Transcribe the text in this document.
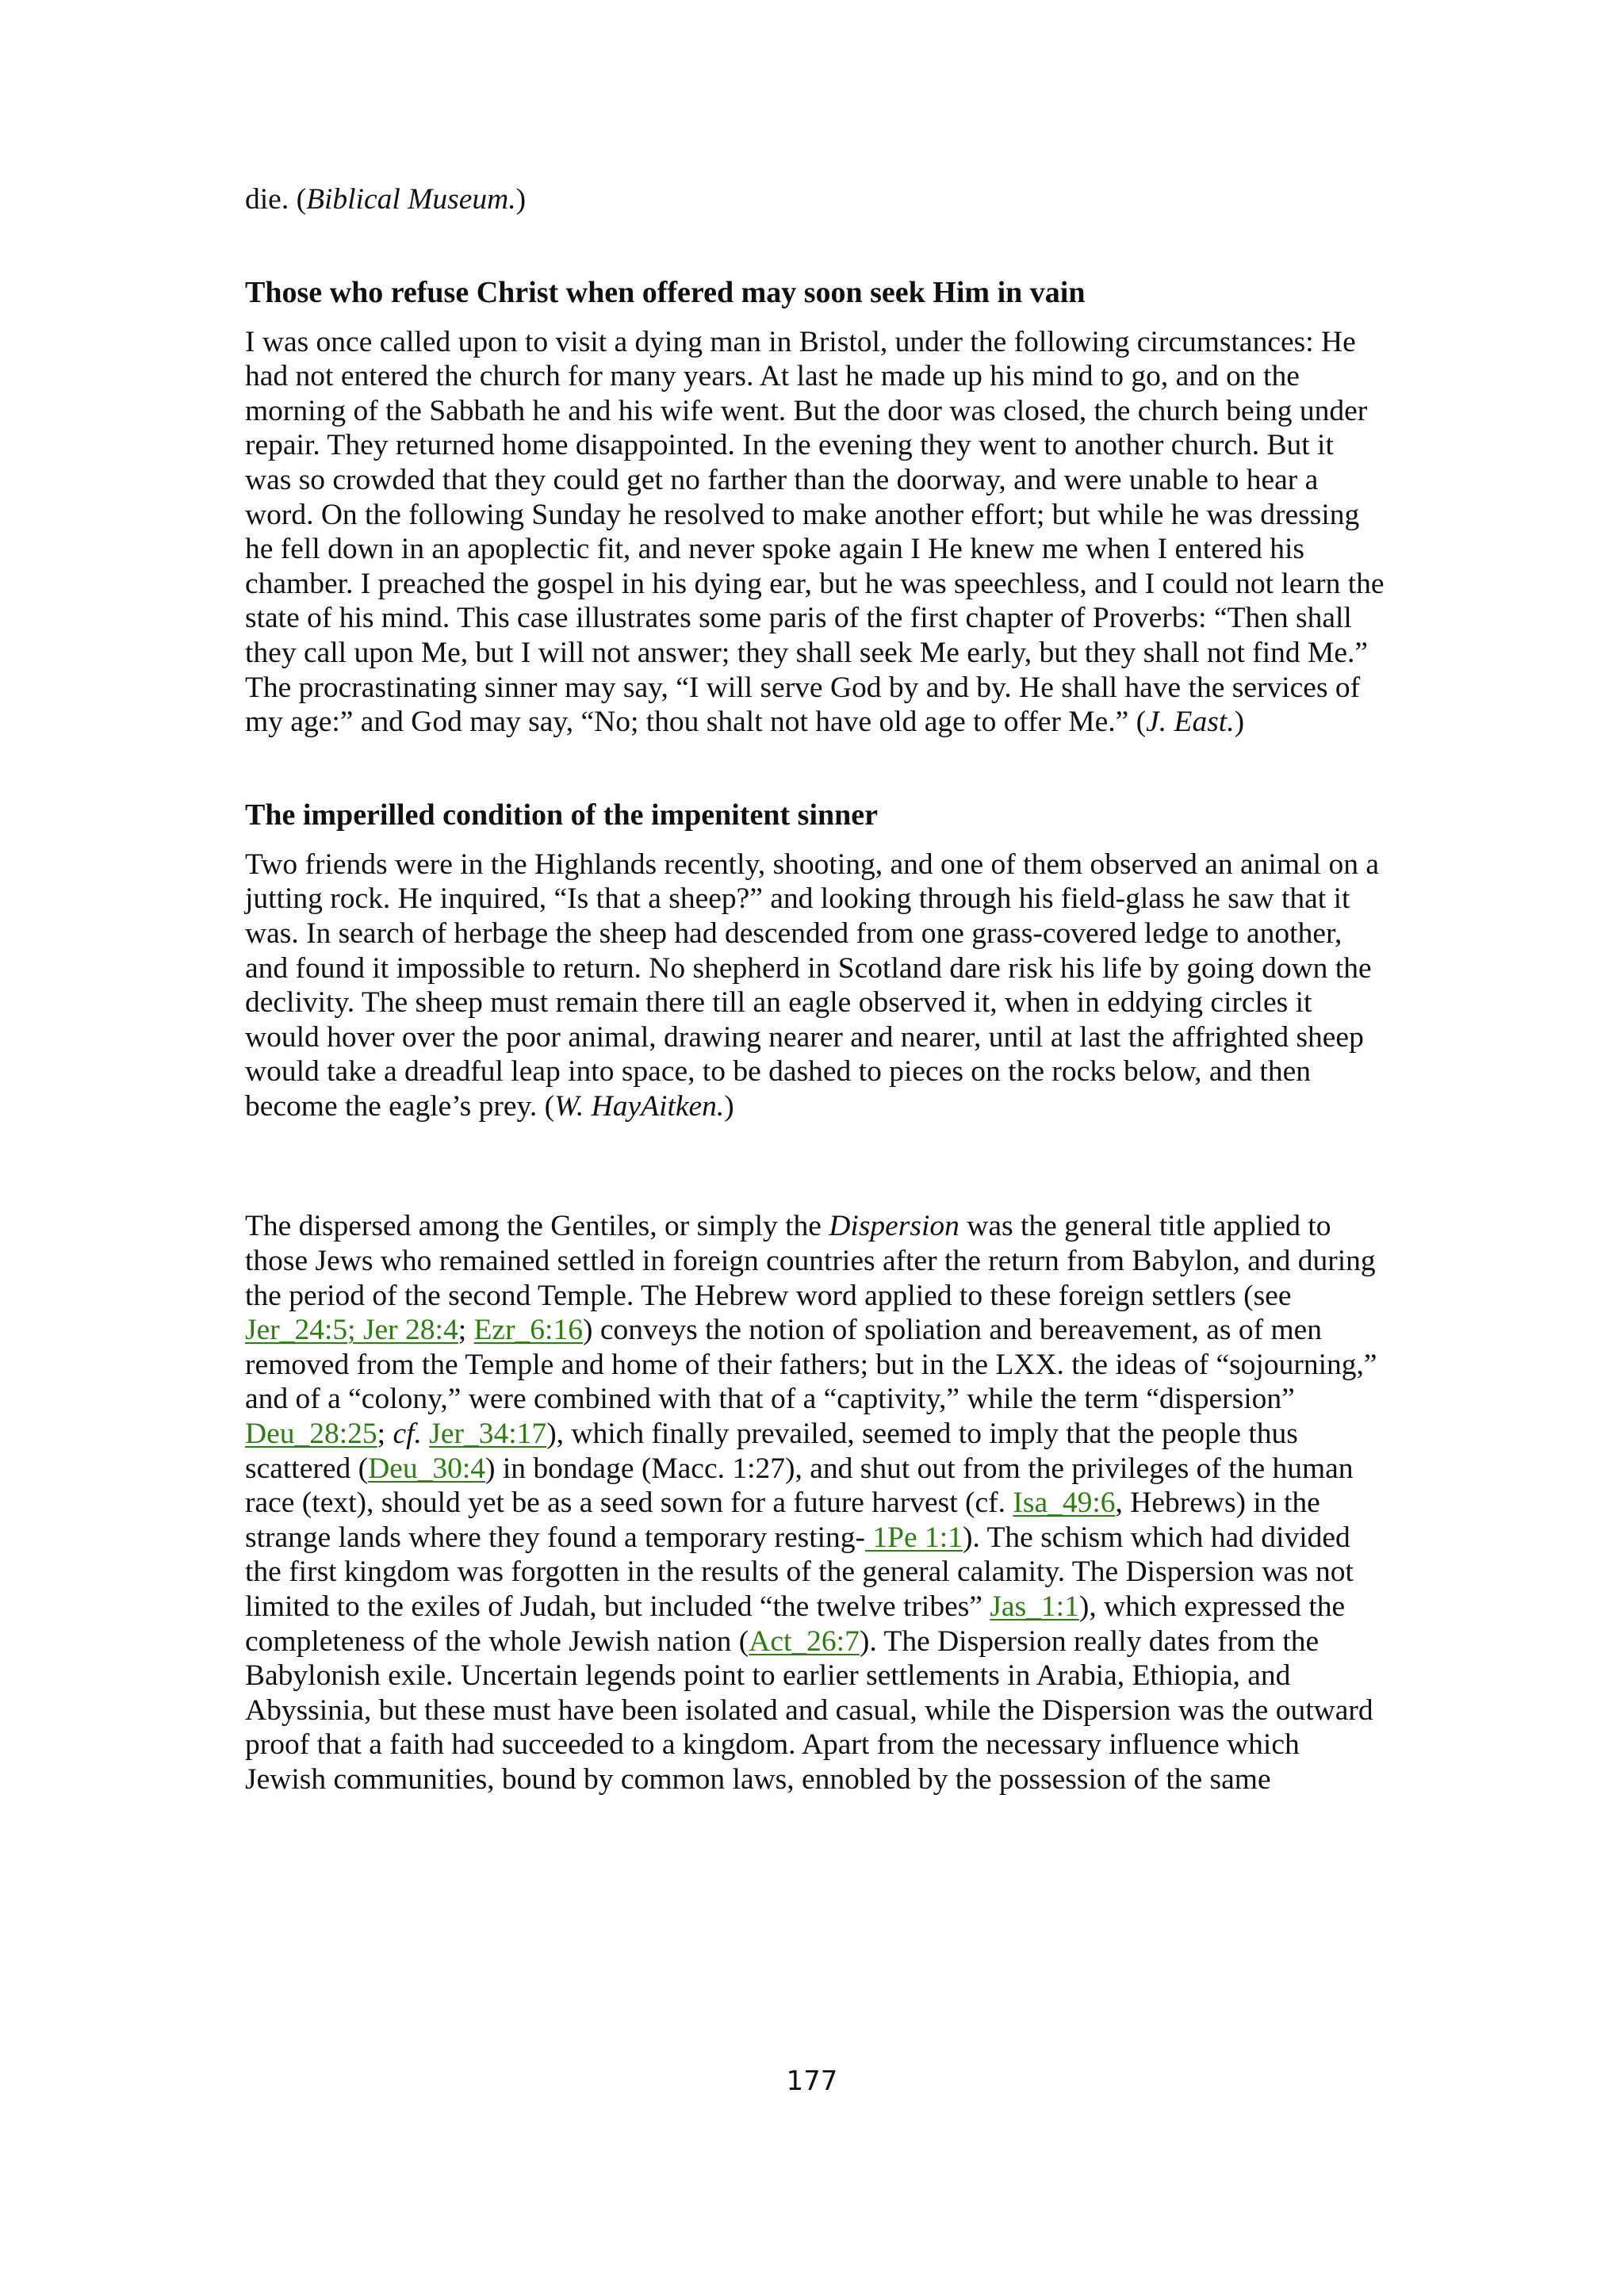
die. (Biblical Museum.)

Those who refuse Christ when offered may soon seek Him in vain

I was once called upon to visit a dying man in Bristol, under the following circumstances: He had not entered the church for many years. At last he made up his mind to go, and on the morning of the Sabbath he and his wife went. But the door was closed, the church being under repair. They returned home disappointed. In the evening they went to another church. But it was so crowded that they could get no farther than the doorway, and were unable to hear a word. On the following Sunday he resolved to make another effort; but while he was dressing he fell down in an apoplectic fit, and never spoke again I He knew me when I entered his chamber. I preached the gospel in his dying ear, but he was speechless, and I could not learn the state of his mind. This case illustrates some paris of the first chapter of Proverbs: “Then shall they call upon Me, but I will not answer; they shall seek Me early, but they shall not find Me.” The procrastinating sinner may say, “I will serve God by and by. He shall have the services of my age:” and God may say, “No; thou shalt not have old age to offer Me.” (J. East.)

The imperilled condition of the impenitent sinner

Two friends were in the Highlands recently, shooting, and one of them observed an animal on a jutting rock. He inquired, “Is that a sheep?” and looking through his field-glass he saw that it was. In search of herbage the sheep had descended from one grass-covered ledge to another, and found it impossible to return. No shepherd in Scotland dare risk his life by going down the declivity. The sheep must remain there till an eagle observed it, when in eddying circles it would hover over the poor animal, drawing nearer and nearer, until at last the affrighted sheep would take a dreadful leap into space, to be dashed to pieces on the rocks below, and then become the eagle’s prey. (W. HayAitken.)

The dispersed among the Gentiles, or simply the Dispersion was the general title applied to those Jews who remained settled in foreign countries after the return from Babylon, and during the period of the second Temple. The Hebrew word applied to these foreign settlers (see Jer_24:5; Jer 28:4; Ezr_6:16) conveys the notion of spoliation and bereavement, as of men removed from the Temple and home of their fathers; but in the LXX. the ideas of “sojourning,” and of a “colony,” were combined with that of a “captivity,” while the term “dispersion” Deu_28:25; cf. Jer_34:17), which finally prevailed, seemed to imply that the people thus scattered (Deu_30:4) in bondage (Macc. 1:27), and shut out from the privileges of the human race (text), should yet be as a seed sown for a future harvest (cf. Isa_49:6, Hebrews) in the strange lands where they found a temporary resting- 1Pe 1:1). The schism which had divided the first kingdom was forgotten in the results of the general calamity. The Dispersion was not limited to the exiles of Judah, but included “the twelve tribes” Jas_1:1), which expressed the completeness of the whole Jewish nation (Act_26:7). The Dispersion really dates from the Babylonish exile. Uncertain legends point to earlier settlements in Arabia, Ethiopia, and Abyssinia, but these must have been isolated and casual, while the Dispersion was the outward proof that a faith had succeeded to a kingdom. Apart from the necessary influence which Jewish communities, bound by common laws, ennobled by the possession of the same

177
